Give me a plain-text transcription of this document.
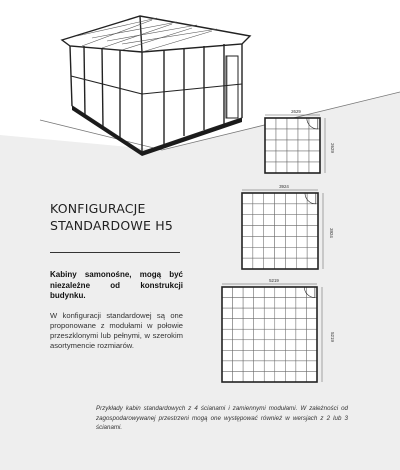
KONFIGURACJE
STANDARDOWE H5
Kabiny samonośne, mogą być niezależne od konstrukcji budynku.
W konfiguracji standardowej są one proponowane z modułami w połowie przeszklonymi lub pełnymi, w szerokim asortymencie rozmiarów.
Przykłady kabin standardowych z 4 ścianami i zamiennymi modułami. W zależności od zagospodarowywanej przestrzeni mogą one występować również w wersjach z 2 lub 3 ścianami.
2629
2629
3924
3924
5219
5219
